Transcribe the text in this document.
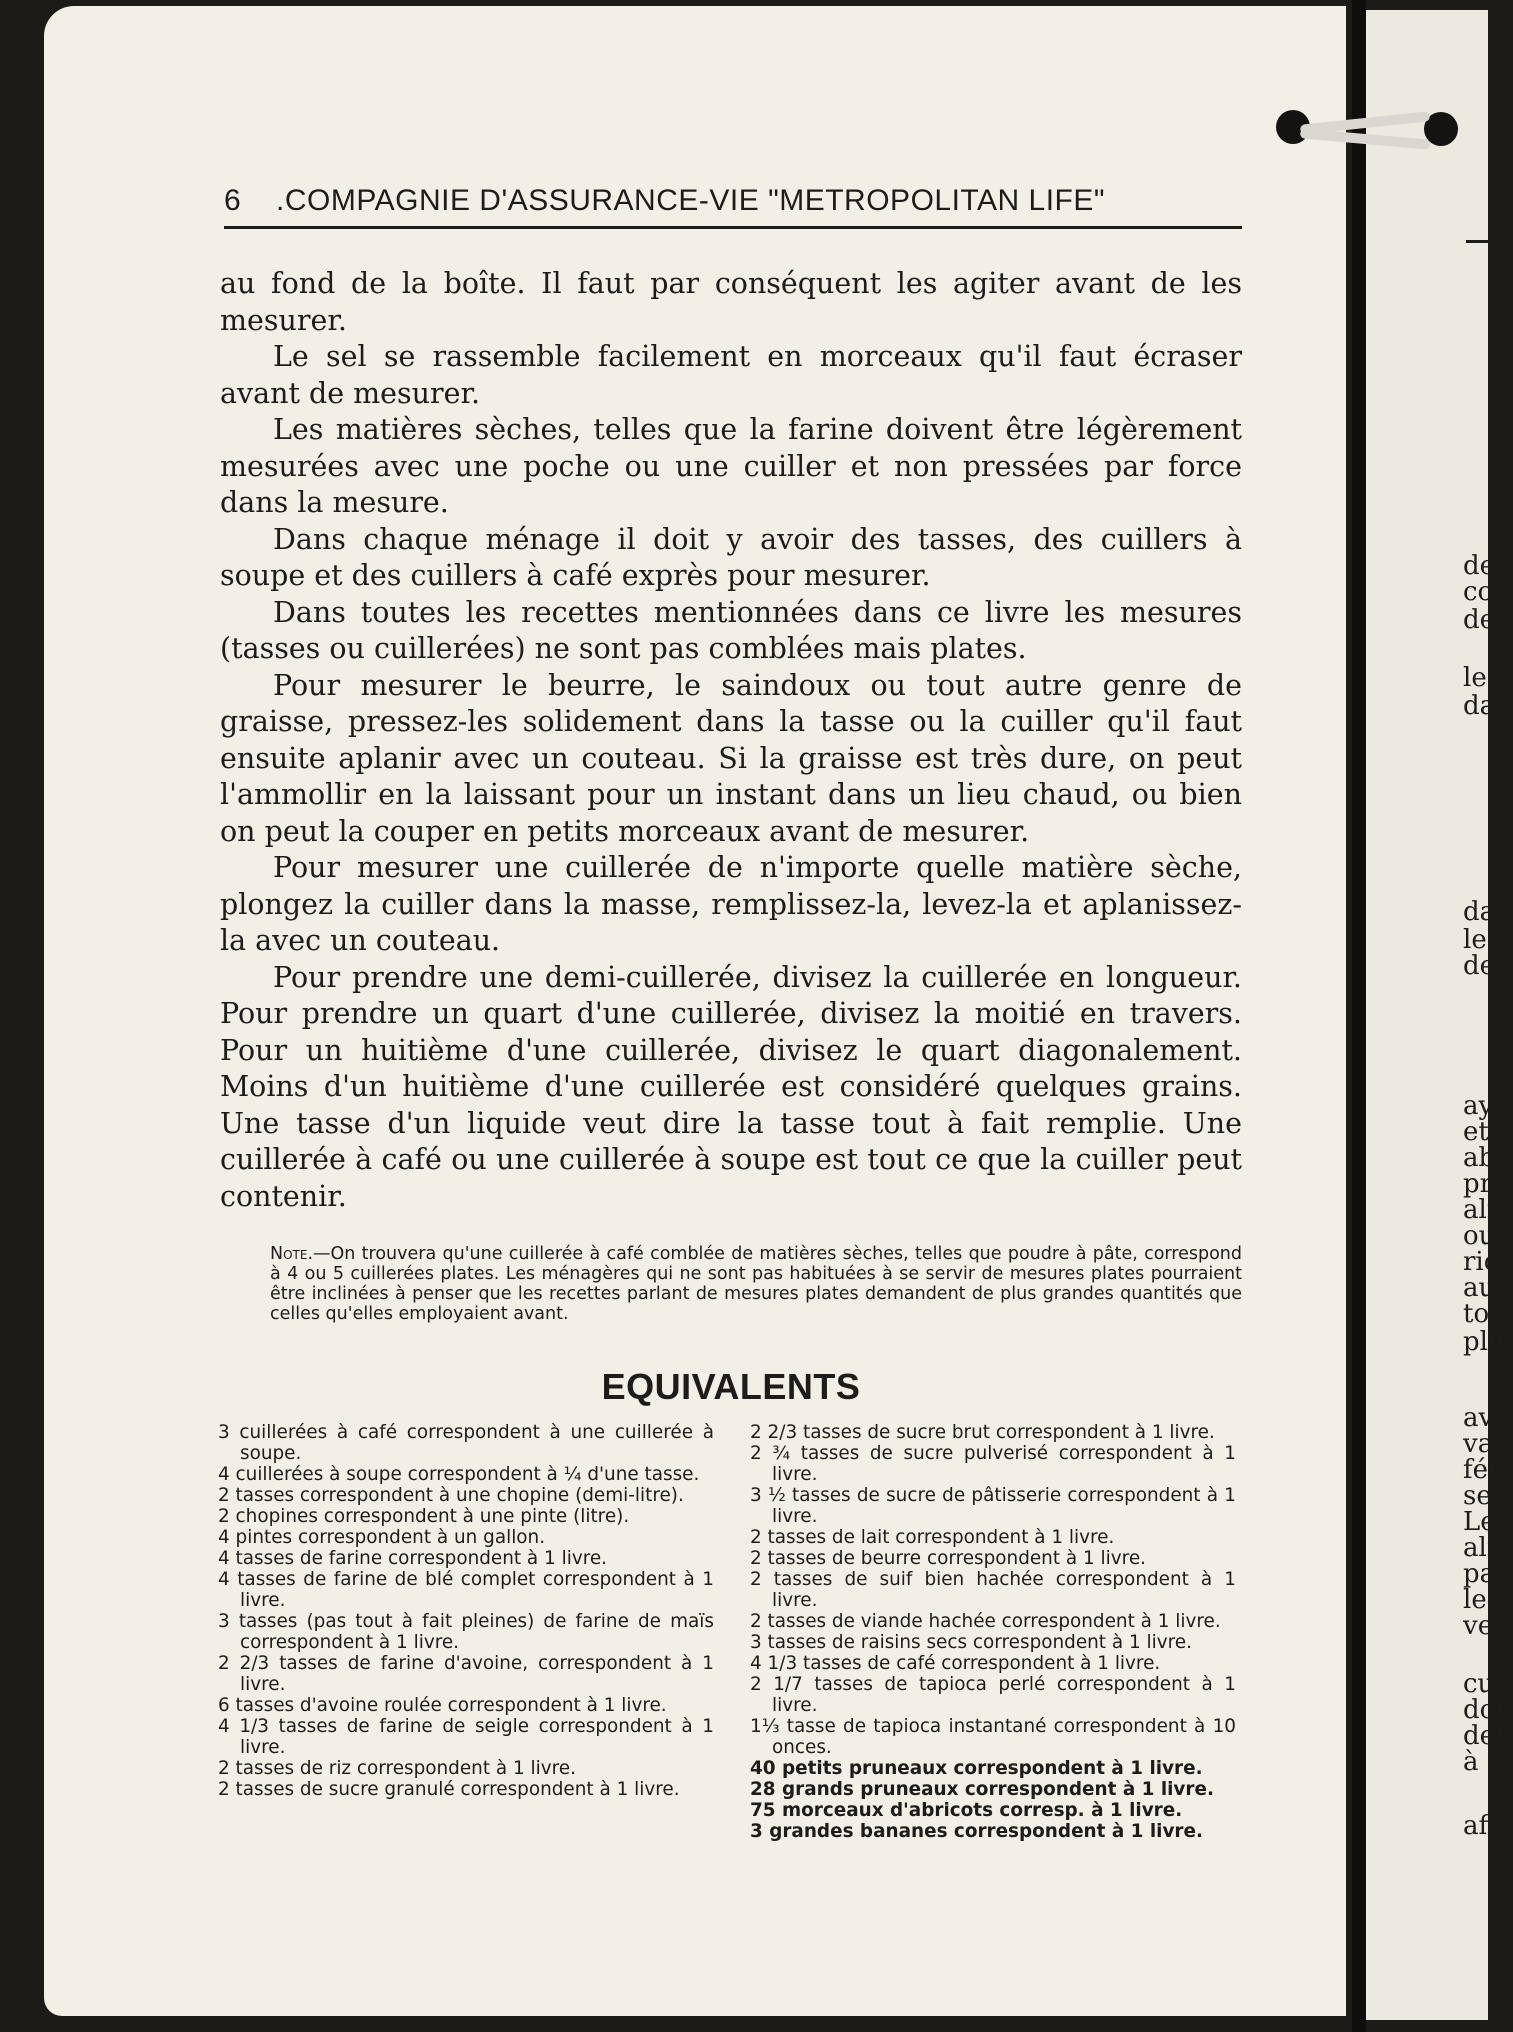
de
co
de
le
da
da
les
de
ay
et
ab
pr
ali
ou
ric
au
to
plu
av
va
fér
sei
Le
ali
pa
le
ver
cui
dor
der
à 1
afin
6 .COMPAGNIE D'ASSURANCE-VIE "METROPOLITAN LIFE"

au fond de la boîte. Il faut par conséquent les agiter avant de les mesurer.

Le sel se rassemble facilement en morceaux qu'il faut écraser avant de mesurer.

Les matières sèches, telles que la farine doivent être légèrement mesurées avec une poche ou une cuiller et non pressées par force dans la mesure.

Dans chaque ménage il doit y avoir des tasses, des cuillers à soupe et des cuillers à café exprès pour mesurer.

Dans toutes les recettes mentionnées dans ce livre les mesures (tasses ou cuillerées) ne sont pas comblées mais plates.

Pour mesurer le beurre, le saindoux ou tout autre genre de graisse, pressez-les solidement dans la tasse ou la cuiller qu'il faut ensuite aplanir avec un couteau. Si la graisse est très dure, on peut l'ammollir en la laissant pour un instant dans un lieu chaud, ou bien on peut la couper en petits morceaux avant de mesurer.

Pour mesurer une cuillerée de n'importe quelle matière sèche, plongez la cuiller dans la masse, remplissez-la, levez-la et aplanissez-la avec un couteau.

Pour prendre une demi-cuillerée, divisez la cuillerée en longueur. Pour prendre un quart d'une cuillerée, divisez la moitié en travers. Pour un huitième d'une cuillerée, divisez le quart diagonalement. Moins d'un huitième d'une cuillerée est considéré quelques grains. Une tasse d'un liquide veut dire la tasse tout à fait remplie. Une cuillerée à café ou une cuillerée à soupe est tout ce que la cuiller peut contenir.

Note.—On trouvera qu'une cuillerée à café comblée de matières sèches, telles que poudre à pâte, correspond à 4 ou 5 cuillerées plates. Les ménagères qui ne sont pas habituées à se servir de mesures plates pourraient être inclinées à penser que les recettes parlant de mesures plates demandent de plus grandes quantités que celles qu'elles employaient avant.
EQUIVALENTS
3 cuillerées à café correspondent à une cuillerée à soupe.
4 cuillerées à soupe correspondent à ¼ d'une tasse.
2 tasses correspondent à une chopine (demi-litre).
2 chopines correspondent à une pinte (litre).
4 pintes correspondent à un gallon.
4 tasses de farine correspondent à 1 livre.
4 tasses de farine de blé complet correspondent à 1 livre.
3 tasses (pas tout à fait pleines) de farine de maïs correspondent à 1 livre.
2 2/3 tasses de farine d'avoine, correspondent à 1 livre.
6 tasses d'avoine roulée correspondent à 1 livre.
4 1/3 tasses de farine de seigle correspondent à 1 livre.
2 tasses de riz correspondent à 1 livre.
2 tasses de sucre granulé correspondent à 1 livre.
2 2/3 tasses de sucre brut correspondent à 1 livre.
2 ¾ tasses de sucre pulverisé correspondent à 1 livre.
3 ½ tasses de sucre de pâtisserie correspondent à 1 livre.
2 tasses de lait correspondent à 1 livre.
2 tasses de beurre correspondent à 1 livre.
2 tasses de suif bien hachée correspondent à 1 livre.
2 tasses de viande hachée correspondent à 1 livre.
3 tasses de raisins secs correspondent à 1 livre.
4 1/3 tasses de café correspondent à 1 livre.
2 1/7 tasses de tapioca perlé correspondent à 1 livre.
1⅓ tasse de tapioca instantané correspondent à 10 onces.
40 petits pruneaux correspondent à 1 livre.
28 grands pruneaux correspondent à 1 livre.
75 morceaux d'abricots corresp. à 1 livre.
3 grandes bananes correspondent à 1 livre.
